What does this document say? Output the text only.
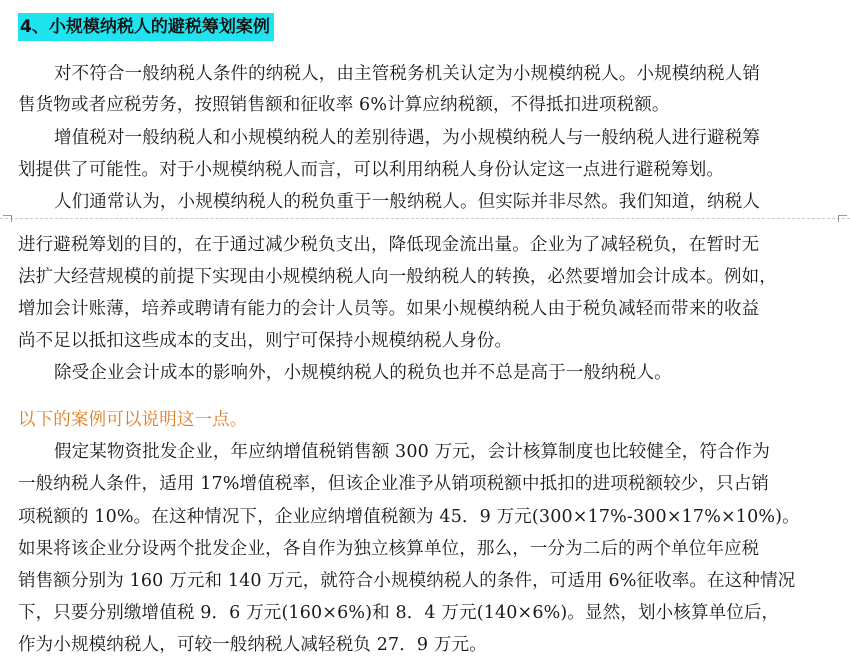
4、小规模纳税人的避税筹划案例
对不符合一般纳税人条件的纳税人，由主管税务机关认定为小规模纳税人。小规模纳税人销
售货物或者应税劳务，按照销售额和征收率 6%计算应纳税额，不得抵扣进项税额。
增值税对一般纳税人和小规模纳税人的差别待遇，为小规模纳税人与一般纳税人进行避税筹
划提供了可能性。对于小规模纳税人而言，可以利用纳税人身份认定这一点进行避税筹划。
人们通常认为，小规模纳税人的税负重于一般纳税人。但实际并非尽然。我们知道，纳税人
进行避税筹划的目的，在于通过减少税负支出，降低现金流出量。企业为了减轻税负，在暂时无
法扩大经营规模的前提下实现由小规模纳税人向一般纳税人的转换，必然要增加会计成本。例如，
增加会计账薄，培养或聘请有能力的会计人员等。如果小规模纳税人由于税负减轻而带来的收益
尚不足以抵扣这些成本的支出，则宁可保持小规模纳税人身份。
除受企业会计成本的影响外，小规模纳税人的税负也并不总是高于一般纳税人。
以下的案例可以说明这一点。
假定某物资批发企业，年应纳增值税销售额 300 万元，会计核算制度也比较健全，符合作为
一般纳税人条件，适用 17%增值税率，但该企业准予从销项税额中抵扣的进项税额较少，只占销
项税额的 10%。在这种情况下，企业应纳增值税额为 45．9 万元(300×17%-300×17%×10%)。
如果将该企业分设两个批发企业，各自作为独立核算单位，那么，一分为二后的两个单位年应税
销售额分别为 160 万元和 140 万元，就符合小规模纳税人的条件，可适用 6%征收率。在这种情况
下，只要分别缴增值税 9．6 万元(160×6%)和 8．4 万元(140×6%)。显然，划小核算单位后，
作为小规模纳税人，可较一般纳税人减轻税负 27．9 万元。
